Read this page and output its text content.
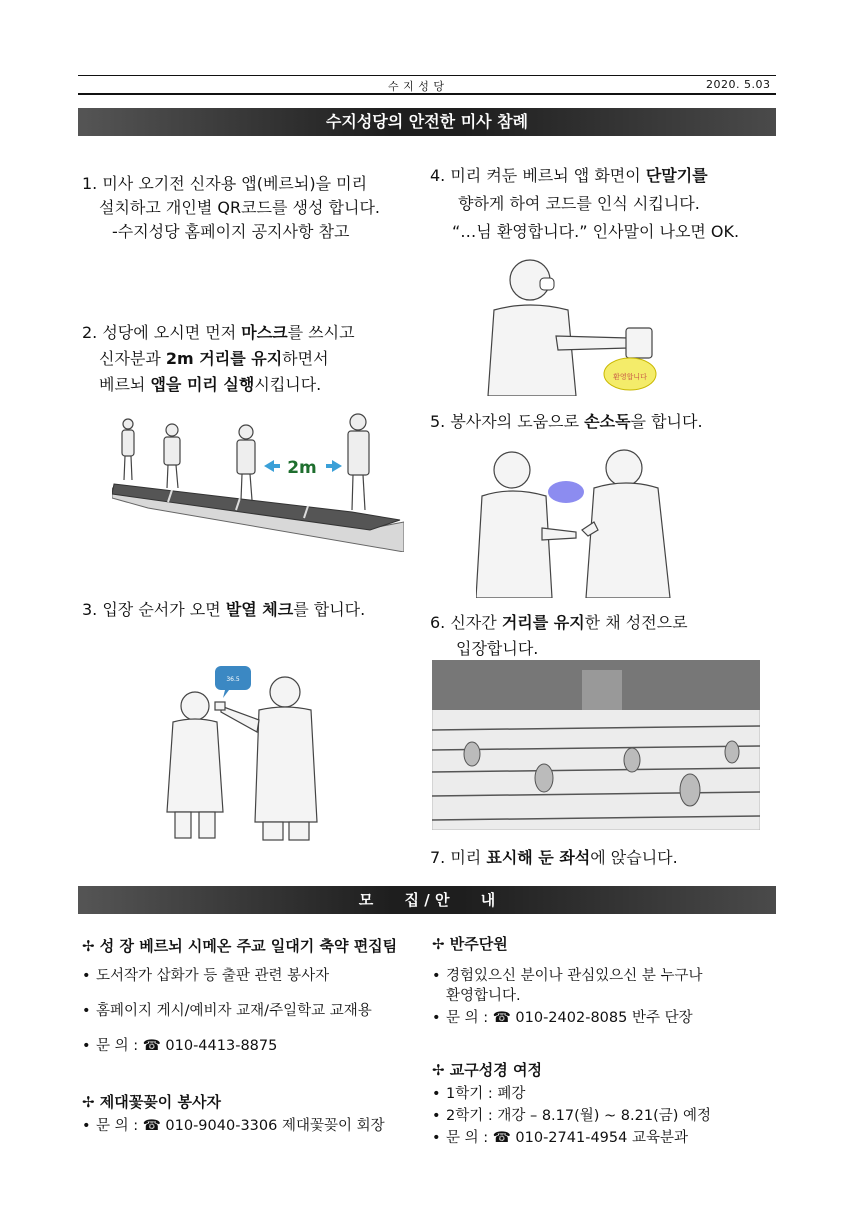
수 지 성 당	2020. 5.03
수지성당의 안전한 미사 참례
1. 미사 오기전 신자용 앱(베르뇌)을 미리
설치하고 개인별 QR코드를 생성 합니다.
-수지성당 홈페이지 공지사항 참고
2. 성당에 오시면 먼저 마스크를 쓰시고
신자분과 2m 거리를 유지하면서
베르뇌 앱을 미리 실행시킵니다.
2m
3. 입장 순서가 오면 발열 체크를 합니다.
36.5
4. 미리 켜둔 베르뇌 앱 화면이 단말기를
향하게 하여 코드를 인식 시킵니다.
“…님 환영합니다.” 인사말이 나오면 OK.
환영합니다
5. 봉사자의 도움으로 손소독을 합니다.
6. 신자간 거리를 유지한 채 성전으로
입장합니다.
7. 미리 표시해 둔 좌석에 앉습니다.
모      집 / 안      내
✢ 성 장 베르뇌 시메온 주교 일대기 축약 편집팀
• 도서작가 삽화가 등 출판 관련 봉사자
• 홈페이지 게시/예비자 교재/주일학교 교재용
• 문 의 : ☎ 010-4413-8875
✢ 제대꽃꽂이 봉사자
• 문 의 : ☎ 010-9040-3306 제대꽃꽂이 회장
✢ 반주단원
• 경험있으신 분이나 관심있으신 분 누구나
환영합니다.
• 문 의 : ☎ 010-2402-8085 반주 단장
✢ 교구성경 여정
• 1학기 : 폐강
• 2학기 : 개강 – 8.17(월) ~ 8.21(금) 예정
• 문 의 : ☎ 010-2741-4954 교육분과
